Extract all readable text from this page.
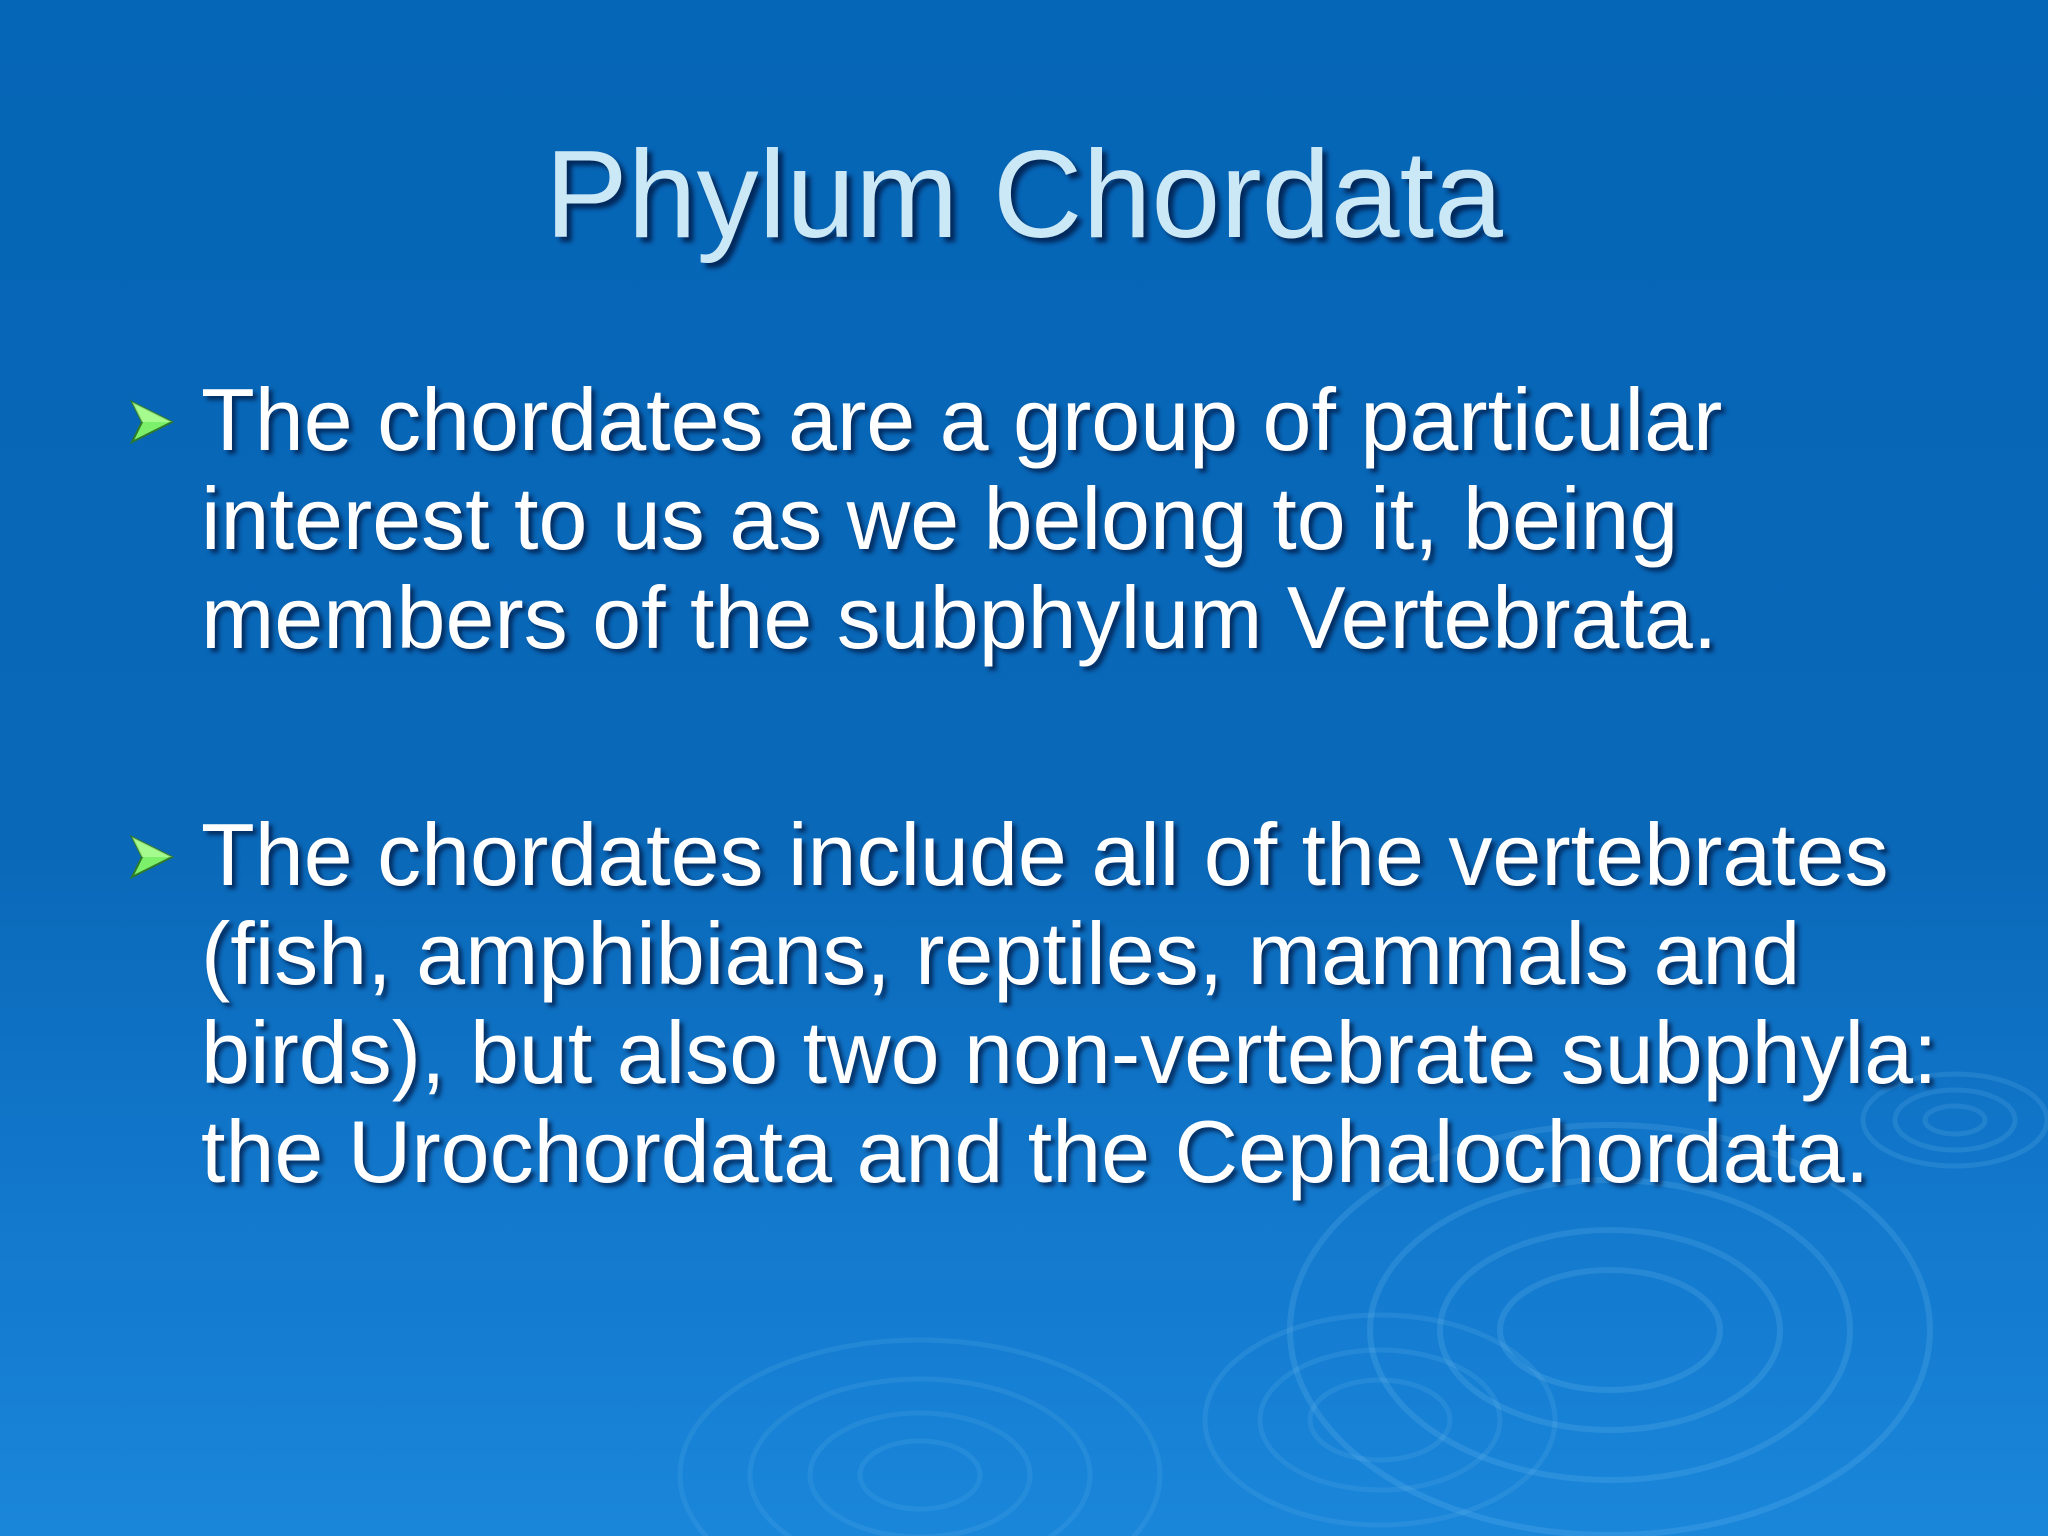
Phylum Chordata
The chordates are a group of particular interest to us as we belong to it, being members of the subphylum Vertebrata.
The chordates include all of the vertebrates (fish, amphibians, reptiles, mammals and birds), but also two non-vertebrate subphyla: the Urochordata and the Cephalochordata.
